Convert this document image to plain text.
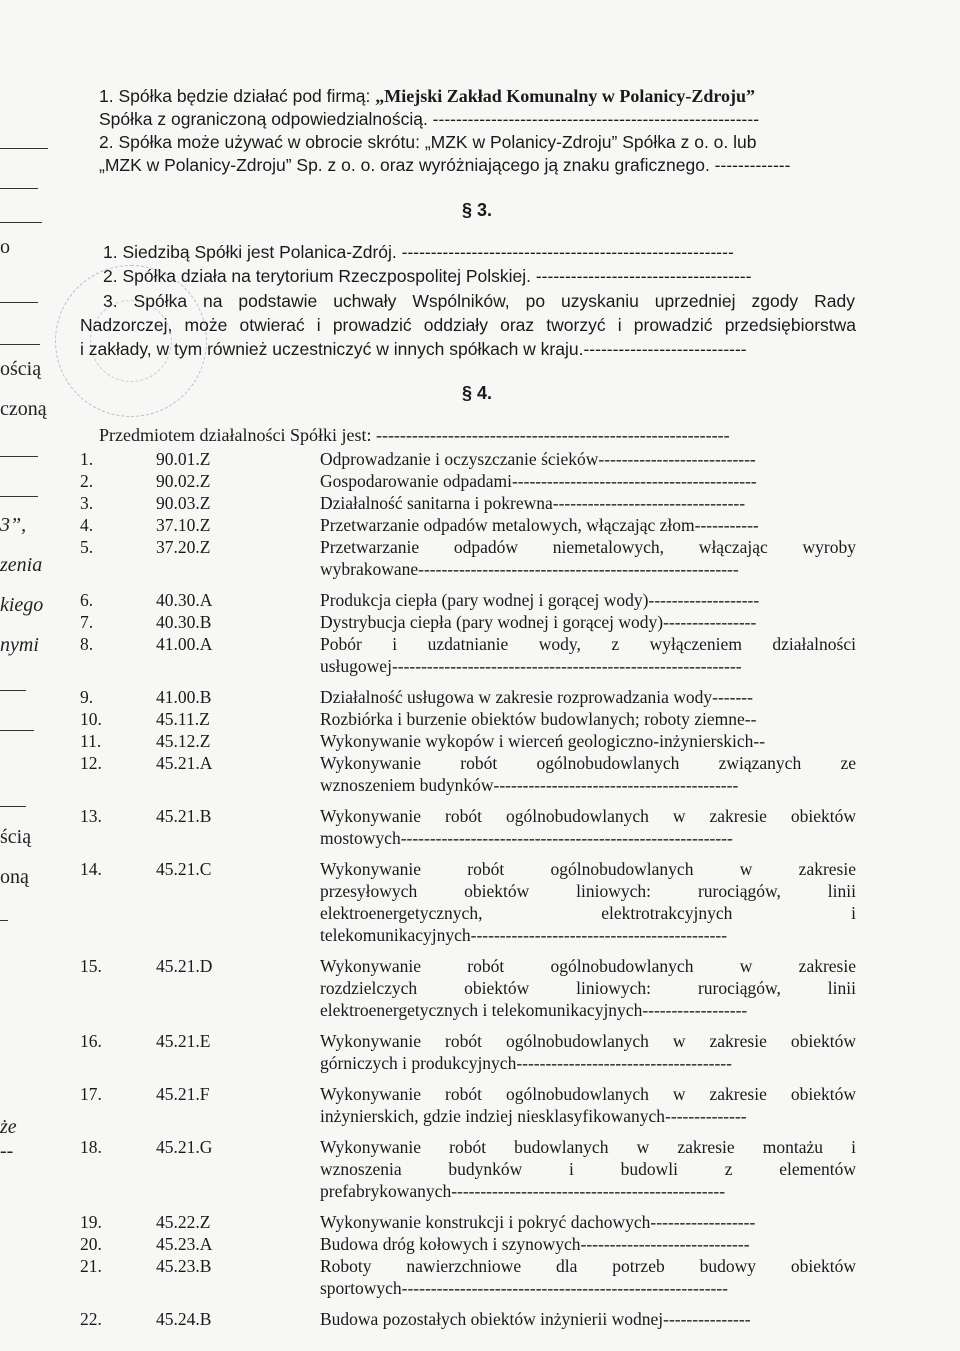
o
ością
czoną
3”,
zenia
kiego
nymi
ścią
oną
że
--
1. Spółka będzie działać pod firmą: „Miejski Zakład Komunalny w Polanicy-Zdroju”
Spółka z ograniczoną odpowiedzialnością. --------------------------------------------------------
2. Spółka może używać w obrocie skrótu: „MZK w Polanicy-Zdroju” Spółka z o. o. lub
„MZK w Polanicy-Zdroju” Sp. z o. o. oraz wyróżniającego ją znaku graficznego. -------------
§ 3.
1. Siedzibą Spółki jest Polanica-Zdrój. ---------------------------------------------------------
2. Spółka działa na terytorium Rzeczpospolitej Polskiej. -------------------------------------
3. Spółka na podstawie uchwały Wspólników, po uzyskaniu uprzedniej zgody Rady
Nadzorczej, może otwierać i prowadzić oddziały oraz tworzyć i prowadzić przedsiębiorstwa
i zakłady, w tym również uczestniczyć w innych spółkach w kraju.----------------------------
§ 4.
Przedmiotem działalności Spółki jest: -----------------------------------------------------------
1.	90.01.Z	Odprowadzanie i oczyszczanie ścieków---------------------------
2.	90.02.Z	Gospodarowanie odpadami------------------------------------------
3.	90.03.Z	Działalność sanitarna i pokrewna---------------------------------
4.	37.10.Z	Przetwarzanie odpadów metalowych, włączając złom-----------
5.	37.20.Z	Przetwarzanie odpadów niemetalowych, włączając wyroby
wybrakowane-------------------------------------------------------
6.	40.30.A	Produkcja ciepła (pary wodnej i gorącej wody)-------------------
7.	40.30.B	Dystrybucja ciepła (pary wodnej i gorącej wody)----------------
8.	41.00.A	Pobór i uzdatnianie wody, z wyłączeniem działalności
usługowej------------------------------------------------------------
9.	41.00.B	Działalność usługowa w zakresie rozprowadzania wody-------
10.	45.11.Z	Rozbiórka i burzenie obiektów budowlanych; roboty ziemne--
11.	45.12.Z	Wykonywanie wykopów i wierceń geologiczno-inżynierskich--
12.	45.21.A	Wykonywanie robót ogólnobudowlanych związanych ze
wznoszeniem budynków------------------------------------------
13.	45.21.B	Wykonywanie robót ogólnobudowlanych w zakresie obiektów
mostowych---------------------------------------------------------
14.	45.21.C	Wykonywanie robót ogólnobudowlanych w zakresie
przesyłowych obiektów liniowych: rurociągów, linii
elektroenergetycznych, elektrotrakcyjnych i
telekomunikacyjnych--------------------------------------------
15.	45.21.D	Wykonywanie robót ogólnobudowlanych w zakresie
rozdzielczych obiektów liniowych: rurociągów, linii
elektroenergetycznych i telekomunikacyjnych------------------
16.	45.21.E	Wykonywanie robót ogólnobudowlanych w zakresie obiektów
górniczych i produkcyjnych-------------------------------------
17.	45.21.F	Wykonywanie robót ogólnobudowlanych w zakresie obiektów
inżynierskich, gdzie indziej niesklasyfikowanych--------------
18.	45.21.G	Wykonywanie robót budowlanych w zakresie montażu i
wznoszenia budynków i budowli z elementów
prefabrykowanych-----------------------------------------------
19.	45.22.Z	Wykonywanie konstrukcji i pokryć dachowych------------------
20.	45.23.A	Budowa dróg kołowych i szynowych-----------------------------
21.	45.23.B	Roboty nawierzchniowe dla potrzeb budowy obiektów
sportowych--------------------------------------------------------
22.	45.24.B	Budowa pozostałych obiektów inżynierii wodnej---------------
